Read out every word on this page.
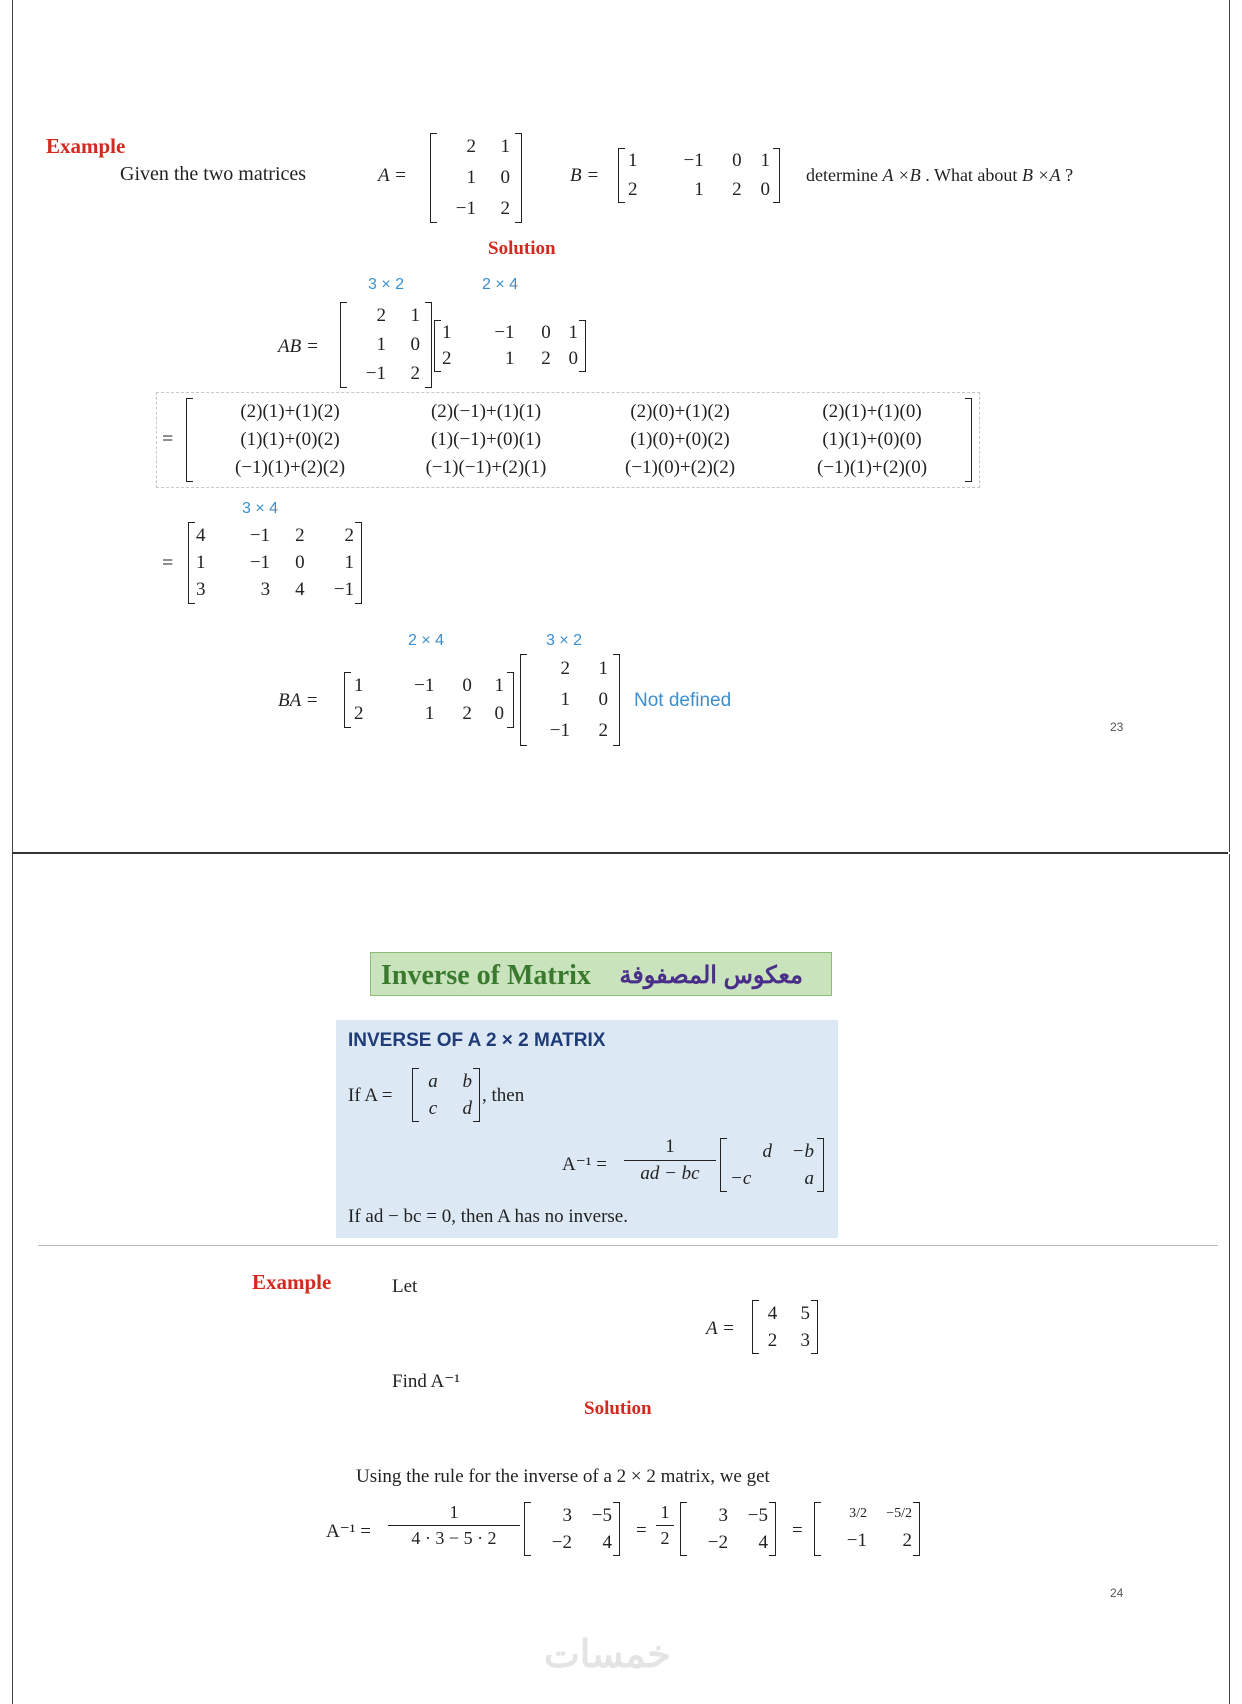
Example
Given the two matrices	A =
2	1
1	0
−1	2
B =
1	−1	0 1
2	1	2 0
determine A ×B . What about B ×A ?
Solution
3 × 2	2 × 4
AB =
2	1
1	0
−1	2
1	−1	0 1
2	1	2 0
=
(2)(1)+(1)(2)	(2)(−1)+(1)(1)	(2)(0)+(1)(2)	(2)(1)+(1)(0)
(1)(1)+(0)(2)	(1)(−1)+(0)(1)	(1)(0)+(0)(2)	(1)(1)+(0)(0)
(−1)(1)+(2)(2)	(−1)(−1)+(2)(1)	(−1)(0)+(2)(2)	(−1)(1)+(2)(0)
3 × 4
=
4	−1	2	2
1	−1	0	1
3	3	4	−1
2 × 4	3 × 2
BA =
1	−1	0	1
2	1	2	0
2	1
1	0
−1	2
Not defined
23
Inverse of Matrix معكوس المصفوفة
INVERSE OF A 2 × 2 MATRIX
If A =
a	b
c	d
, then
$A^{-1} = \frac{1}{ad - bc}$	d	−b
−c	a
If ad − bc = 0, then A has no inverse.
Example	Let
A =
4	5
2	3
Find A⁻¹
Solution
Using the rule for the inverse of a 2 × 2 matrix, we get
$A^{-1} = \frac{1}{4 \cdot 3 - 5 \cdot 2}$	3	−5
−2	4
= $\frac{1}{2}$	3	−5
−2	4
=
3/2	−5/2
−1	2
24
خمسات
